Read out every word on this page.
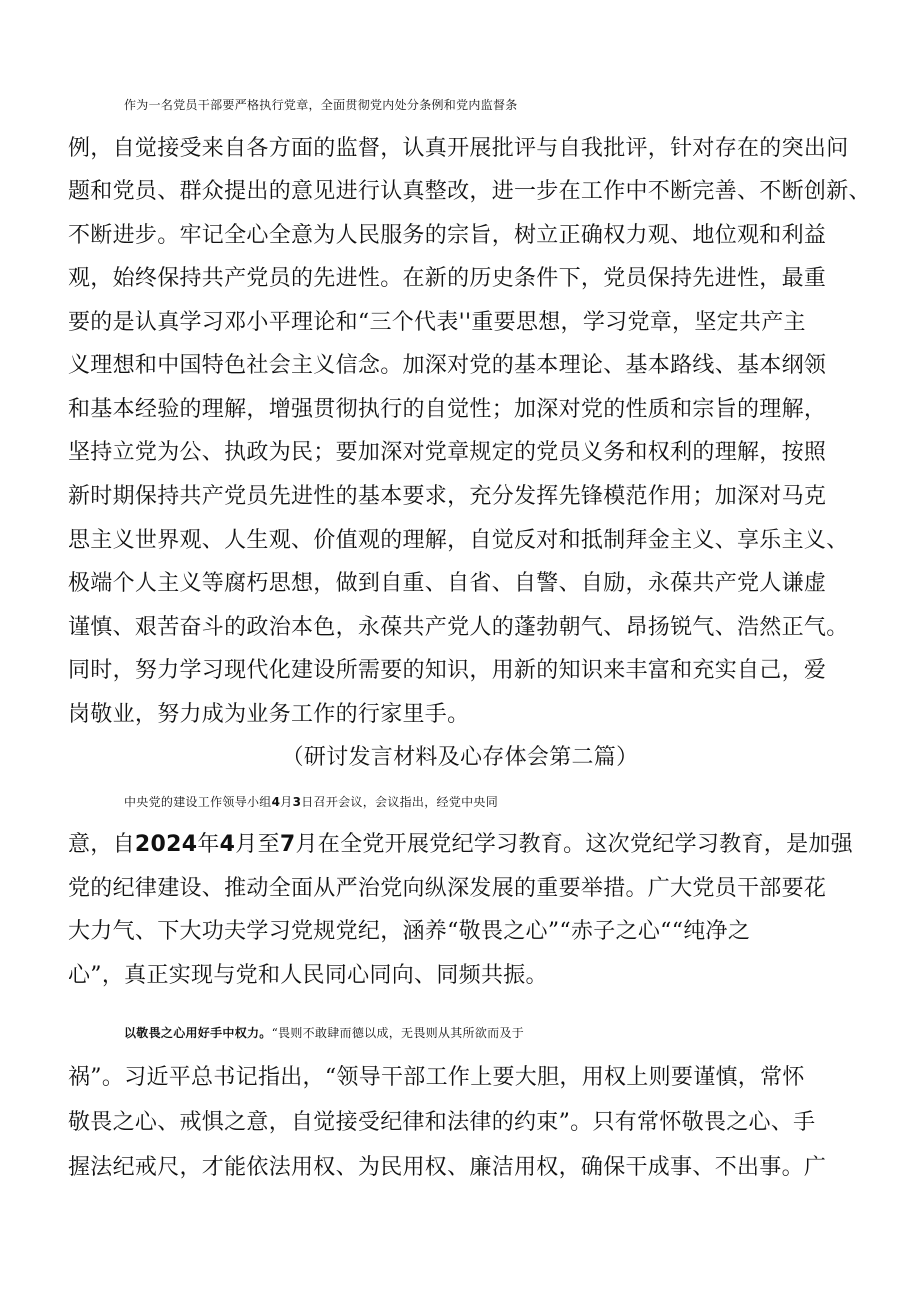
作为一名党员干部要严格执行党章，全面贯彻党内处分条例和党内监督条
例，自觉接受来自各方面的监督，认真开展批评与自我批评，针对存在的突出问
题和党员、群众提出的意见进行认真整改，进一步在工作中不断完善、不断创新、
不断进步。牢记全心全意为人民服务的宗旨，树立正确权力观、地位观和利益
观，始终保持共产党员的先进性。在新的历史条件下，党员保持先进性，最重
要的是认真学习邓小平理论和“三个代表''重要思想，学习党章，坚定共产主
义理想和中国特色社会主义信念。加深对党的基本理论、基本路线、基本纲领
和基本经验的理解，增强贯彻执行的自觉性；加深对党的性质和宗旨的理解，
坚持立党为公、执政为民；要加深对党章规定的党员义务和权利的理解，按照
新时期保持共产党员先进性的基本要求，充分发挥先锋模范作用；加深对马克
思主义世界观、人生观、价值观的理解，自觉反对和抵制拜金主义、享乐主义、
极端个人主义等腐朽思想，做到自重、自省、自警、自励，永葆共产党人谦虚
谨慎、艰苦奋斗的政治本色，永葆共产党人的蓬勃朝气、昂扬锐气、浩然正气。
同时，努力学习现代化建设所需要的知识，用新的知识来丰富和充实自己，爱
岗敬业，努力成为业务工作的行家里手。
（研讨发言材料及心存体会第二篇）
中央党的建设工作领导小组4月3日召开会议，会议指出，经党中央同
意，自2024年4月至7月在全党开展党纪学习教育。这次党纪学习教育，是加强
党的纪律建设、推动全面从严治党向纵深发展的重要举措。广大党员干部要花
大力气、下大功夫学习党规党纪，涵养“敬畏之心”“赤子之心““纯净之
心”，真正实现与党和人民同心同向、同频共振。
以敬畏之心用好手中权力。“畏则不敢肆而德以成，无畏则从其所欲而及于
祸”。习近平总书记指出，“领导干部工作上要大胆，用权上则要谨慎，常怀
敬畏之心、戒惧之意，自觉接受纪律和法律的约束”。只有常怀敬畏之心、手
握法纪戒尺，才能依法用权、为民用权、廉洁用权，确保干成事、不出事。广
